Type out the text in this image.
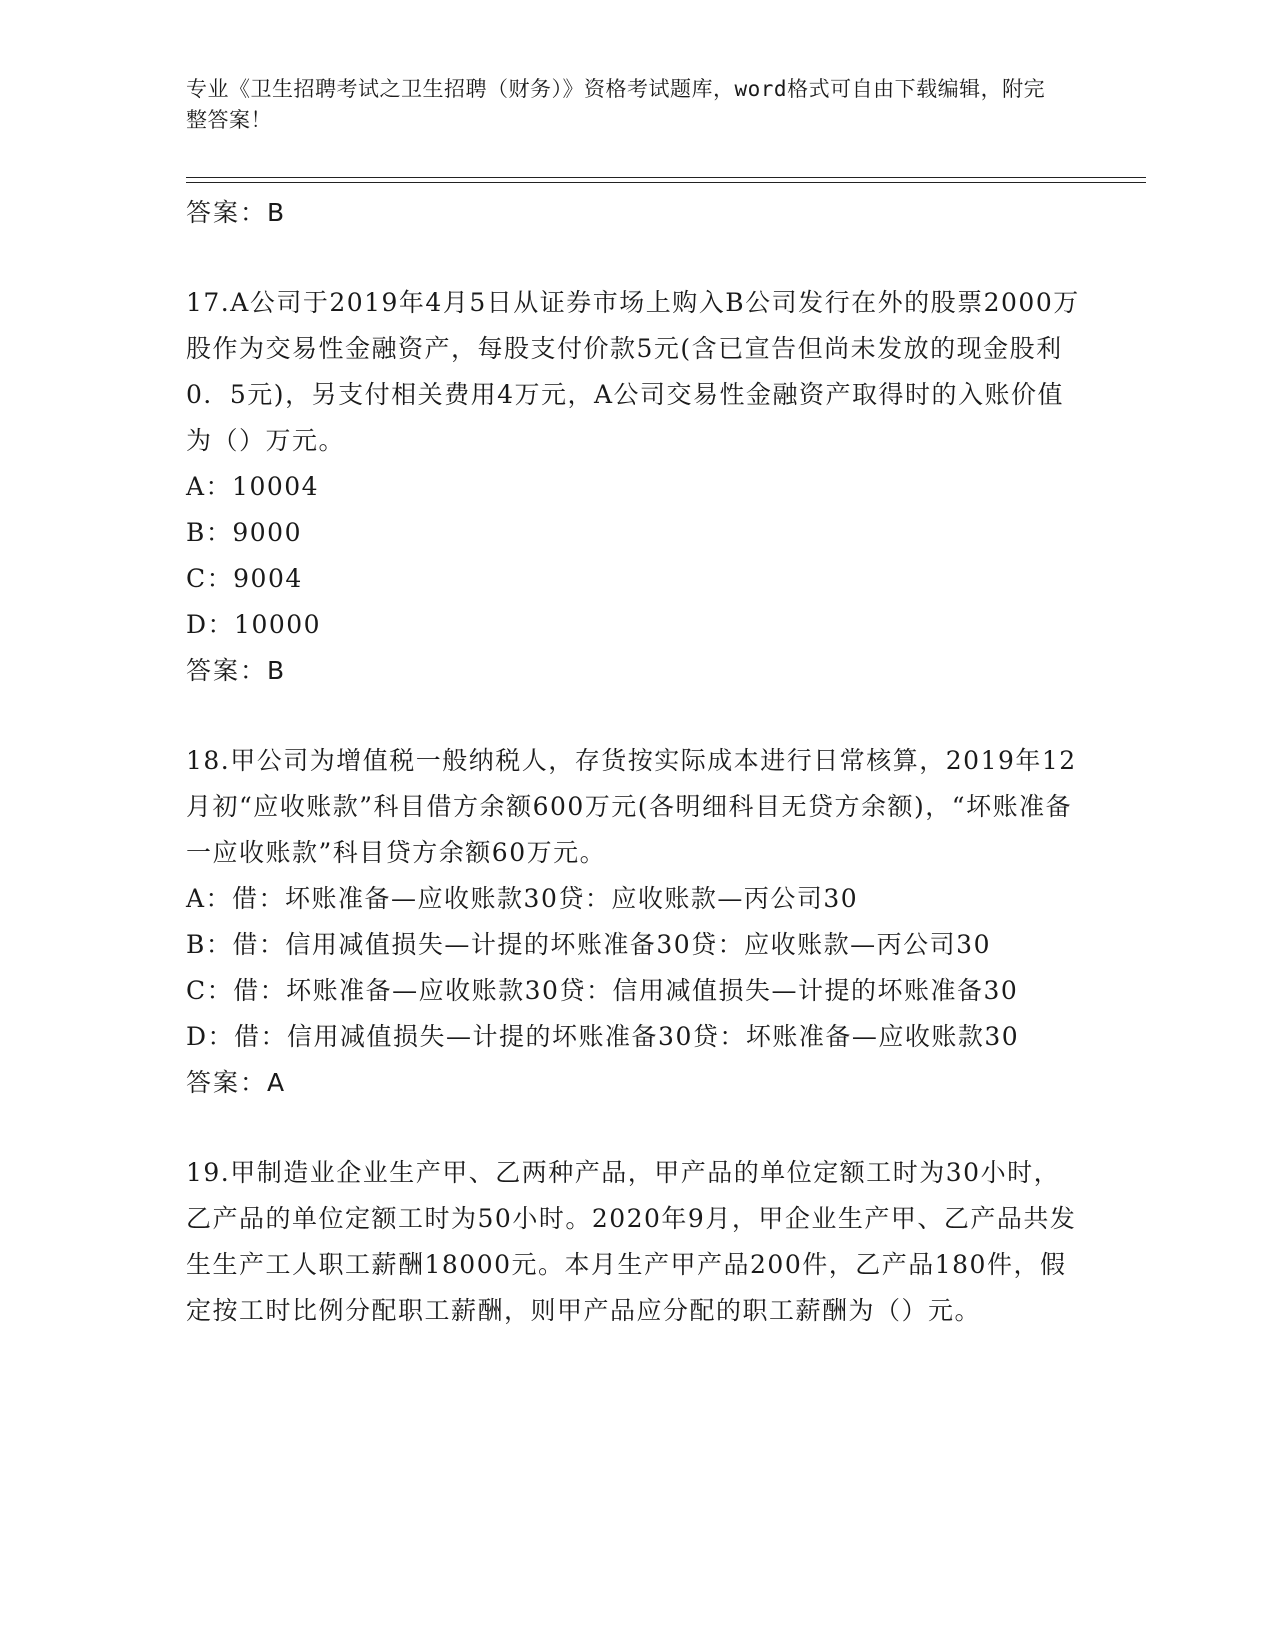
专业《卫生招聘考试之卫生招聘（财务）》资格考试题库，word格式可自由下载编辑，附完整答案！
答案：B

17.A公司于2019年4月5日从证券市场上购入B公司发行在外的股票2000万股作为交易性金融资产，每股支付价款5元(含已宣告但尚未发放的现金股利0．5元)，另支付相关费用4万元，A公司交易性金融资产取得时的入账价值为（）万元。

A：10004

B：9000

C：9004

D：10000

答案：B

18.甲公司为增值税一般纳税人，存货按实际成本进行日常核算，2019年12月初“应收账款”科目借方余额600万元(各明细科目无贷方余额)，“坏账准备一应收账款”科目贷方余额60万元。

A：借：坏账准备—应收账款30贷：应收账款—丙公司30

B：借：信用减值损失—计提的坏账准备30贷：应收账款—丙公司30

C：借：坏账准备—应收账款30贷：信用减值损失—计提的坏账准备30

D：借：信用减值损失—计提的坏账准备30贷：坏账准备—应收账款30

答案：A

19.甲制造业企业生产甲、乙两种产品，甲产品的单位定额工时为30小时，乙产品的单位定额工时为50小时。2020年9月，甲企业生产甲、乙产品共发生生产工人职工薪酬18000元。本月生产甲产品200件，乙产品180件，假定按工时比例分配职工薪酬，则甲产品应分配的职工薪酬为（）元。
